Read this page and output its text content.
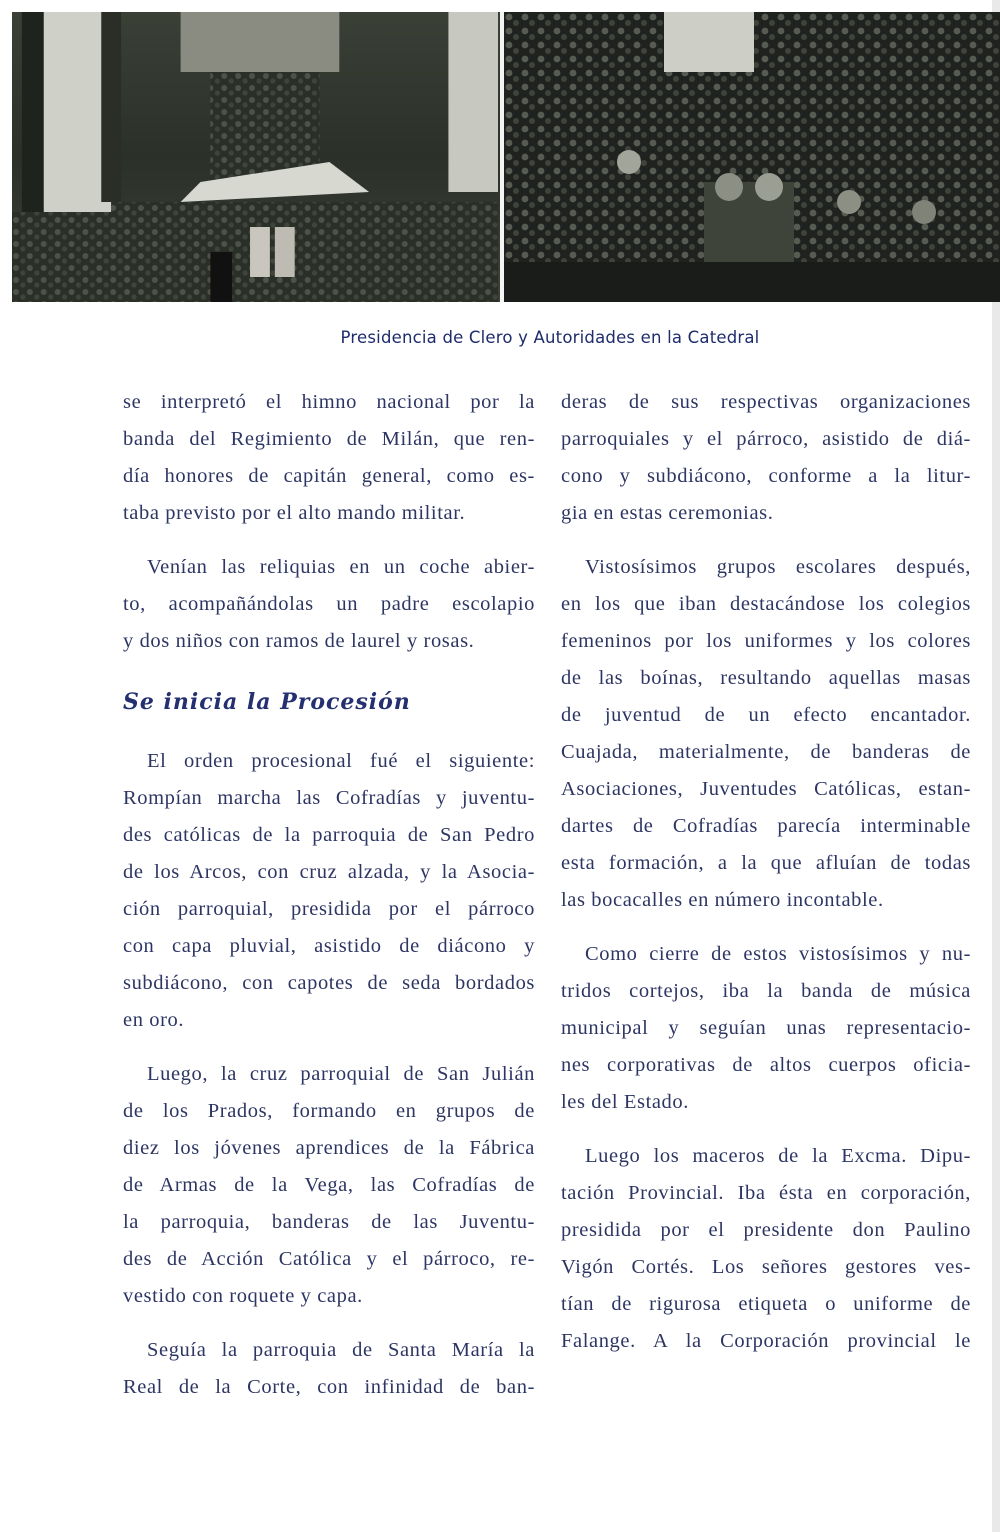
Presidencia de Clero y Autoridades en la Catedral
se interpretó el himno nacional por la
banda del Regimiento de Milán, que ren-
día honores de capitán general, como es-
taba previsto por el alto mando militar.
Venían las reliquias en un coche abier-
to, acompañándolas un padre escolapio
y dos niños con ramos de laurel y rosas.
Se inicia la Procesión
El orden procesional fué el siguiente:
Rompían marcha las Cofradías y juventu-
des católicas de la parroquia de San Pedro
de los Arcos, con cruz alzada, y la Asocia-
ción parroquial, presidida por el párroco
con capa pluvial, asistido de diácono y
subdiácono, con capotes de seda bordados
en oro.
Luego, la cruz parroquial de San Julián
de los Prados, formando en grupos de
diez los jóvenes aprendices de la Fábrica
de Armas de la Vega, las Cofradías de
la parroquia, banderas de las Juventu-
des de Acción Católica y el párroco, re-
vestido con roquete y capa.
Seguía la parroquia de Santa María la
Real de la Corte, con infinidad de ban-
deras de sus respectivas organizaciones
parroquiales y el párroco, asistido de diá-
cono y subdiácono, conforme a la litur-
gia en estas ceremonias.
Vistosísimos grupos escolares después,
en los que iban destacándose los colegios
femeninos por los uniformes y los colores
de las boínas, resultando aquellas masas
de juventud de un efecto encantador.
Cuajada, materialmente, de banderas de
Asociaciones, Juventudes Católicas, estan-
dartes de Cofradías parecía interminable
esta formación, a la que afluían de todas
las bocacalles en número incontable.
Como cierre de estos vistosísimos y nu-
tridos cortejos, iba la banda de música
municipal y seguían unas representacio-
nes corporativas de altos cuerpos oficia-
les del Estado.
Luego los maceros de la Excma. Dipu-
tación Provincial. Iba ésta en corporación,
presidida por el presidente don Paulino
Vigón Cortés. Los señores gestores ves-
tían de rigurosa etiqueta o uniforme de
Falange. A la Corporación provincial le
